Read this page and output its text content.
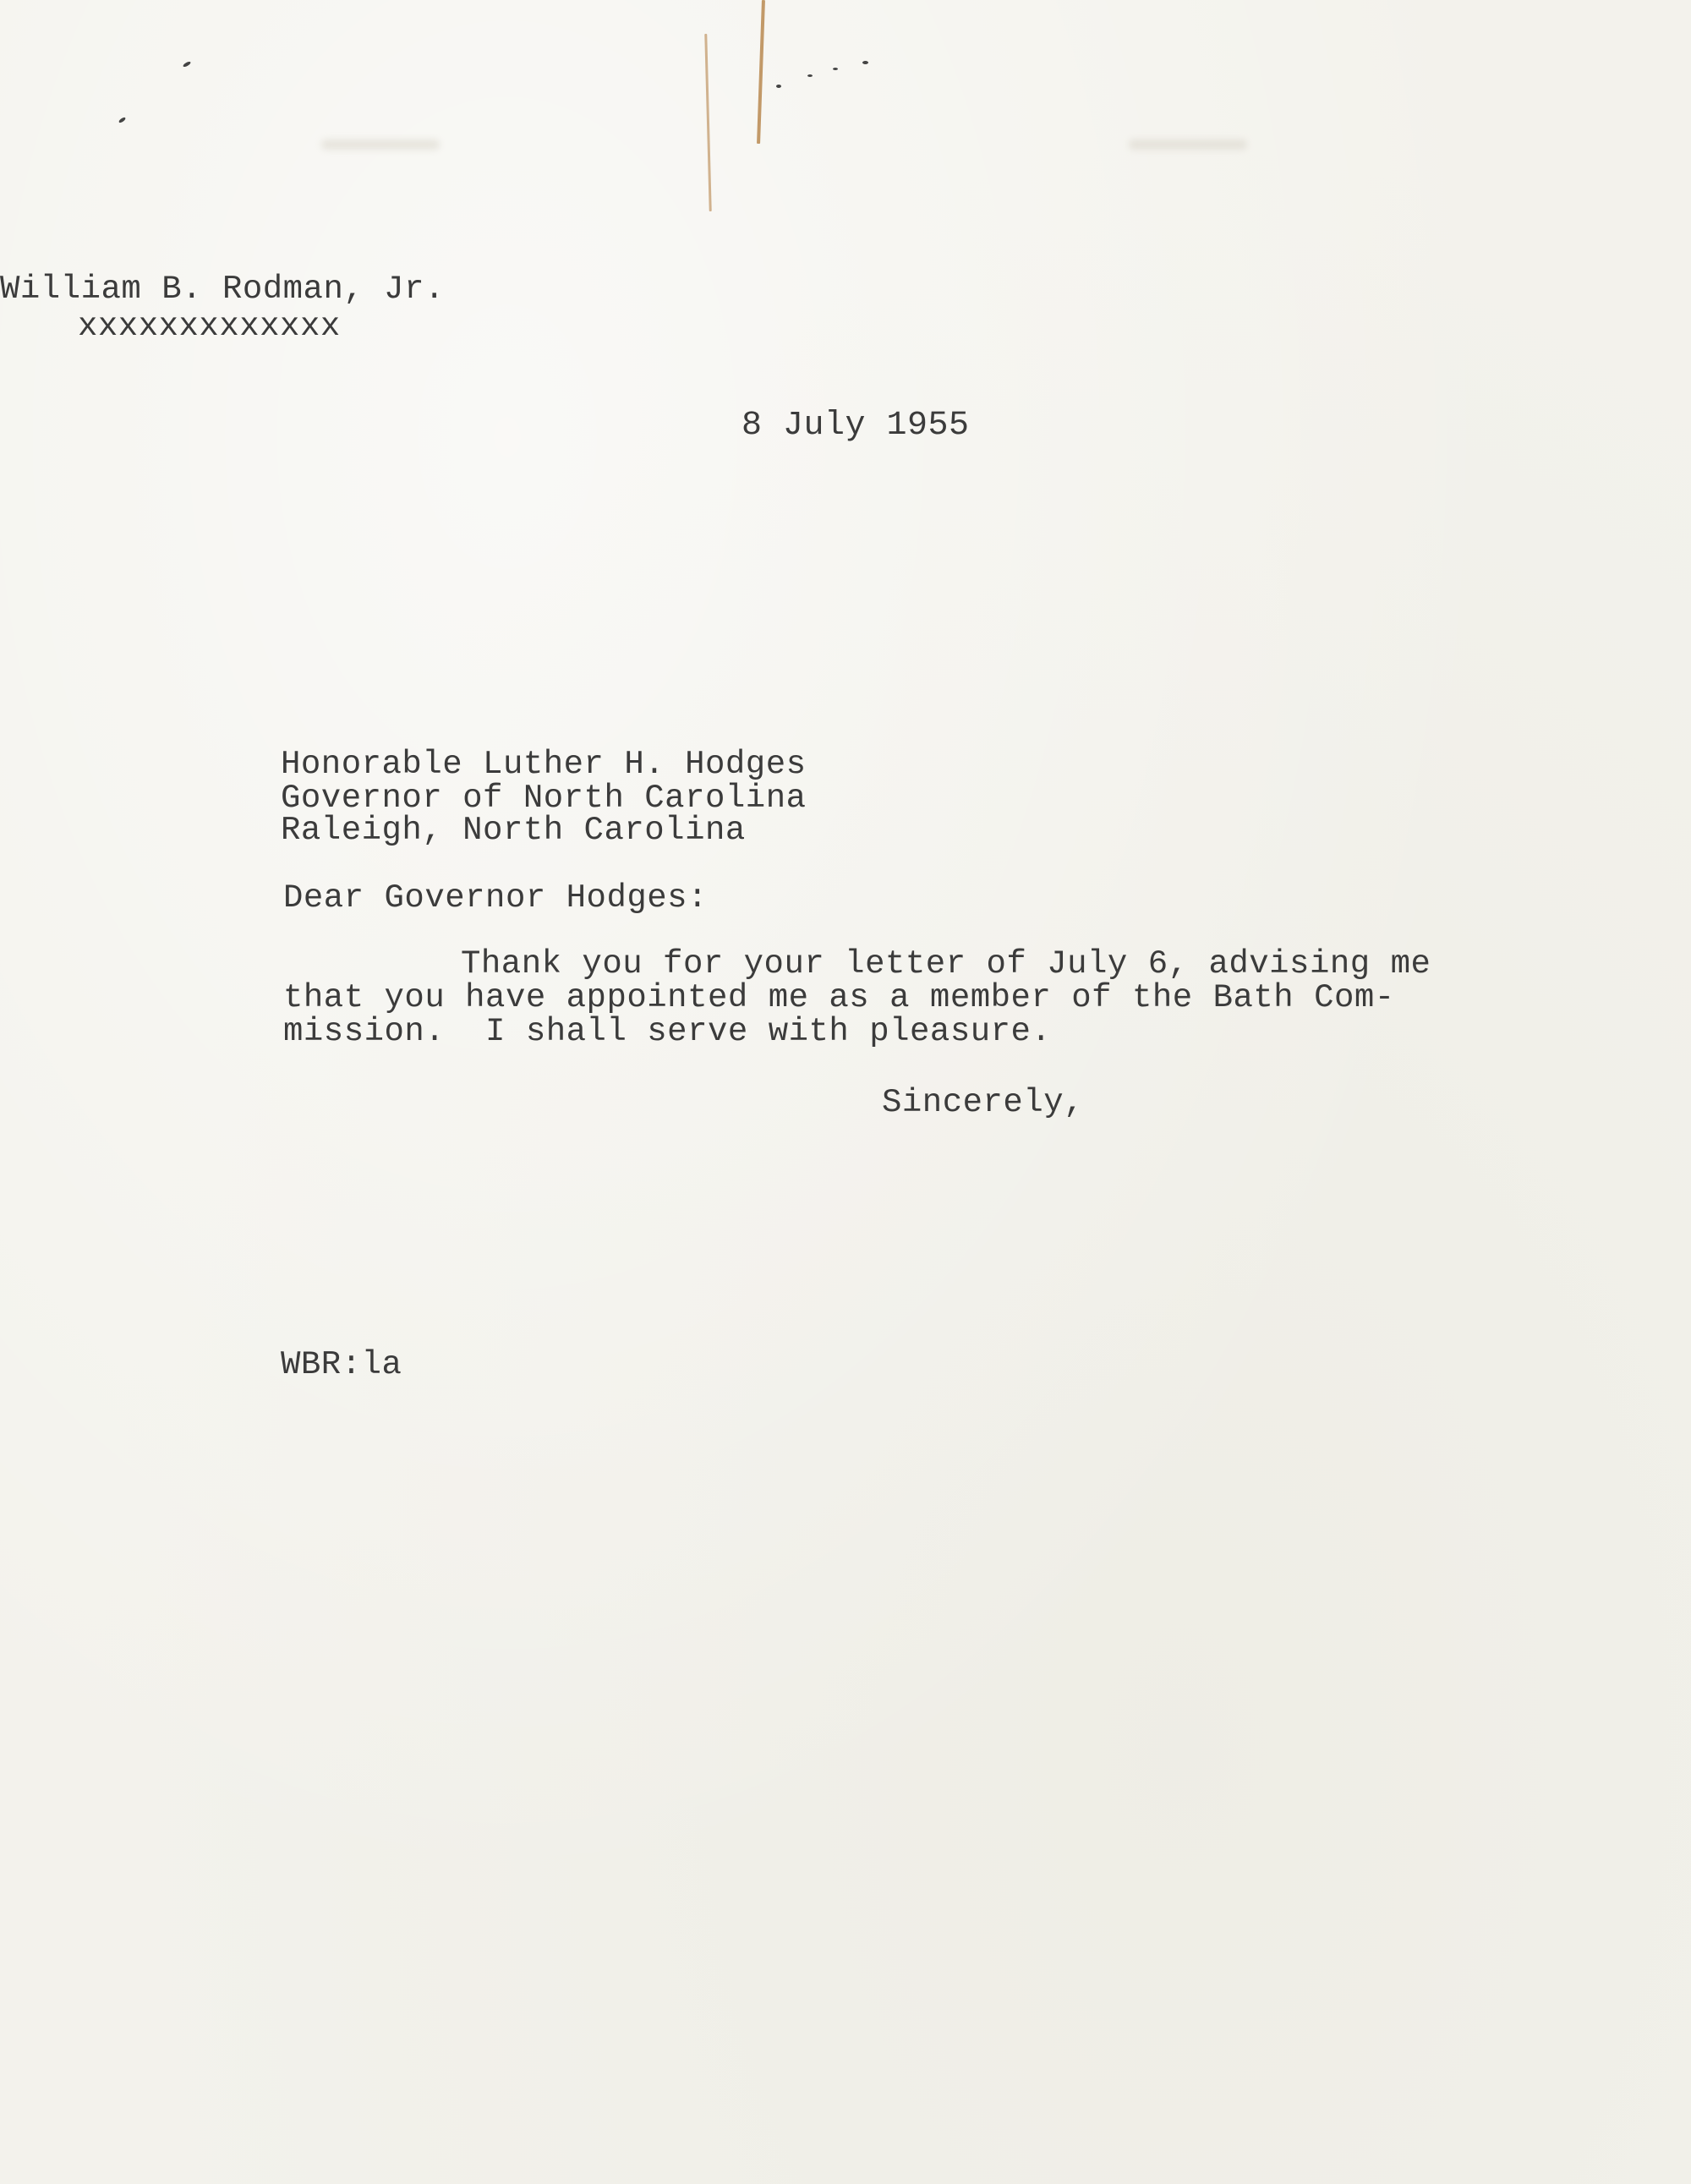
William B. Rodman, Jr.

xxxxxxxxxxxxx

8 July 1955

Honorable Luther H. Hodges

Governor of North Carolina

Raleigh, North Carolina

Dear Governor Hodges:

Thank you for your letter of July 6, advising me

that you have appointed me as a member of the Bath Com-

mission.  I shall serve with pleasure.

Sincerely,

WBR:la
